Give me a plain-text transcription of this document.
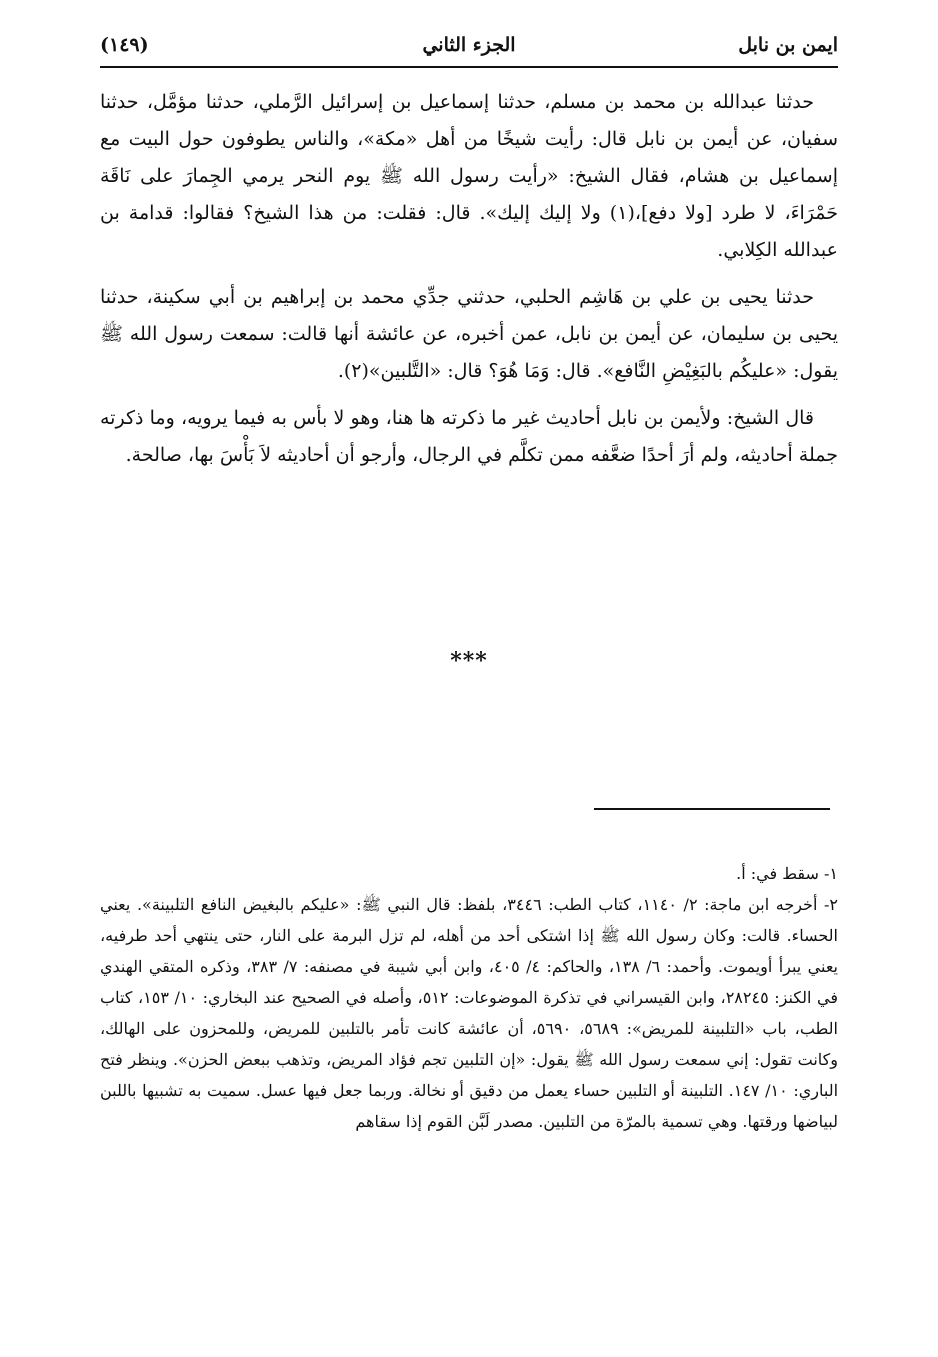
ايمن بن نابل
الجزء الثاني
(١٤٩)

حدثنا عبدالله بن محمد بن مسلم، حدثنا إسماعيل بن إسرائيل الرَّملي، حدثنا مؤمَّل، حدثنا سفيان، عن أيمن بن نابل قال: رأيت شيخًا من أهل «مكة»، والناس يطوفون حول البيت مع إسماعيل بن هشام، فقال الشيخ: «رأيت رسول الله ﷺ يوم النحر يرمي الجِمارَ على نَاقَة حَمْرَاءَ، لا طرد [ولا دفع]،(١) ولا إليك إليك». قال: فقلت: من هذا الشيخ؟ فقالوا: قدامة بن عبدالله الكِلابي.

حدثنا يحيى بن علي بن هَاشِم الحلبي، حدثني جدِّي محمد بن إبراهيم بن أبي سكينة، حدثنا يحيى بن سليمان، عن أيمن بن نابل، عمن أخبره، عن عائشة أنها قالت: سمعت رسول الله ﷺ يقول: «عليكُم بالبَغِيْضِ النَّافع». قال: وَمَا هُوَ؟ قال: «التَّلبين»(٢).

قال الشيخ: ولأيمن بن نابل أحاديث غير ما ذكرته ها هنا، وهو لا بأس به فيما يرويه، وما ذكرته جملة أحاديثه، ولم أرَ أحدًا ضعَّفه ممن تكلَّم في الرجال، وأرجو أن أحاديثه لاَ بَأْسَ بها، صالحة.

***

١- سقط في: أ.

٢- أخرجه ابن ماجة: ٢/ ١١٤٠، كتاب الطب: ٣٤٤٦، بلفظ: قال النبي ﷺ: «عليكم بالبغيض النافع التلبينة». يعني الحساء. قالت: وكان رسول الله ﷺ إذا اشتكى أحد من أهله، لم تزل البرمة على النار، حتى ينتهي أحد طرفيه، يعني يبرأ أويموت. وأحمد: ٦/ ١٣٨، والحاكم: ٤/ ٤٠٥، وابن أبي شيبة في مصنفه: ٧/ ٣٨٣، وذكره المتقي الهندي في الكنز: ٢٨٢٤٥، وابن القيسراني في تذكرة الموضوعات: ٥١٢، وأصله في الصحيح عند البخاري: ١٠/ ١٥٣، كتاب الطب، باب «التلبينة للمريض»: ٥٦٨٩، ٥٦٩٠، أن عائشة كانت تأمر بالتلبين للمريض، وللمحزون على الهالك، وكانت تقول: إني سمعت رسول الله ﷺ يقول: «إن التلبين تجم فؤاد المريض، وتذهب ببعض الحزن». وينظر فتح الباري: ١٠/ ١٤٧. التلبينة أو التلبين حساء يعمل من دقيق أو نخالة. وربما جعل فيها عسل. سميت به تشبيها باللبن لبياضها ورقتها. وهي تسمية بالمرّة من التلبين. مصدر لَبَّن القوم إذا سقاهم
